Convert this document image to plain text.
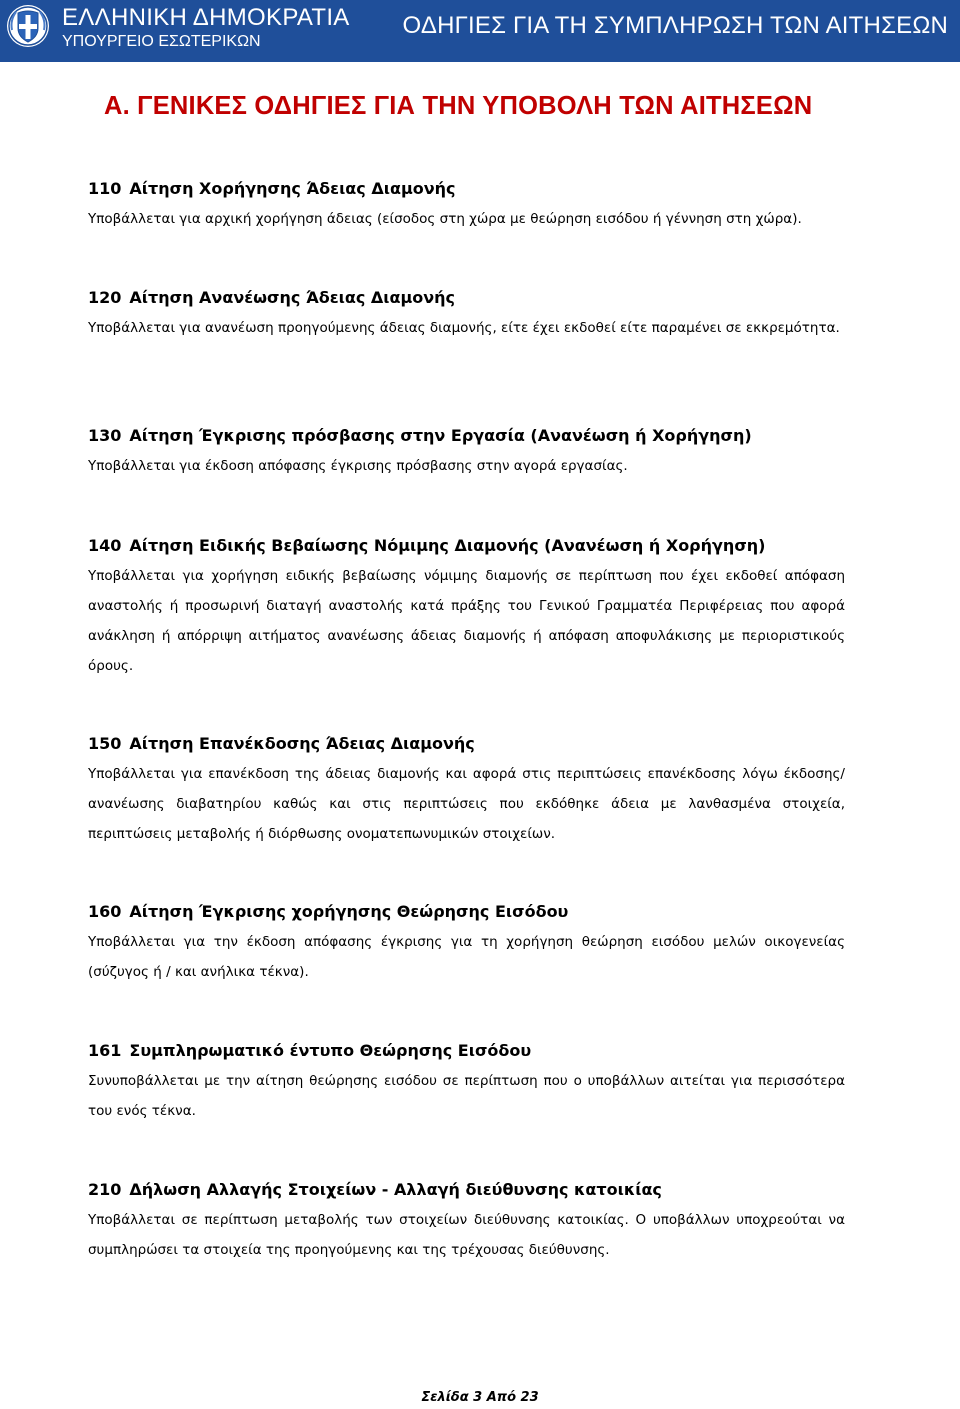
ΕΛΛΗΝΙΚΗ ΔΗΜΟΚΡΑΤΙΑ
ΥΠΟΥΡΓΕΙΟ ΕΣΩΤΕΡΙΚΩΝ
ΟΔΗΓΙΕΣ ΓΙΑ ΤΗ ΣΥΜΠΛΗΡΩΣΗ ΤΩΝ ΑΙΤΗΣΕΩΝ
Α. ΓΕΝΙΚΕΣ ΟΔΗΓΙΕΣ ΓΙΑ ΤΗΝ ΥΠΟΒΟΛΗ ΤΩΝ ΑΙΤΗΣΕΩΝ

110 Αίτηση Χορήγησης Άδειας Διαμονής

Υποβάλλεται για αρχική χορήγηση άδειας (είσοδος στη χώρα με θεώρηση εισόδου ή γέννηση στη χώρα).

120 Αίτηση Ανανέωσης Άδειας Διαμονής

Υποβάλλεται για ανανέωση προηγούμενης άδειας διαμονής, είτε έχει εκδοθεί είτε παραμένει σε εκκρεμότητα.

130 Αίτηση Έγκρισης πρόσβασης στην Εργασία (Ανανέωση ή Χορήγηση)

Υποβάλλεται για έκδοση απόφασης έγκρισης πρόσβασης στην αγορά εργασίας.

140 Αίτηση Ειδικής Βεβαίωσης Νόμιμης Διαμονής (Ανανέωση ή Χορήγηση)

Υποβάλλεται για χορήγηση ειδικής βεβαίωσης νόμιμης διαμονής σε περίπτωση που έχει εκδοθεί απόφαση αναστολής ή προσωρινή διαταγή αναστολής κατά πράξης του Γενικού Γραμματέα Περιφέρειας που αφορά ανάκληση ή απόρριψη αιτήματος ανανέωσης άδειας διαμονής ή απόφαση αποφυλάκισης με περιοριστικούς όρους.

150 Αίτηση Επανέκδοσης Άδειας Διαμονής

Υποβάλλεται για επανέκδοση της άδειας διαμονής και αφορά στις περιπτώσεις επανέκδοσης λόγω έκδοσης/ανανέωσης διαβατηρίου καθώς και στις περιπτώσεις που εκδόθηκε άδεια με λανθασμένα στοιχεία, περιπτώσεις μεταβολής ή διόρθωσης ονοματεπωνυμικών στοιχείων.

160 Αίτηση Έγκρισης χορήγησης Θεώρησης Εισόδου

Υποβάλλεται για την έκδοση απόφασης έγκρισης για τη χορήγηση θεώρηση εισόδου μελών οικογενείας (σύζυγος ή / και ανήλικα τέκνα).

161 Συμπληρωματικό έντυπο Θεώρησης Εισόδου

Συνυποβάλλεται με την αίτηση θεώρησης εισόδου σε περίπτωση που ο υποβάλλων αιτείται για περισσότερα του ενός τέκνα.

210 Δήλωση Αλλαγής Στοιχείων - Αλλαγή διεύθυνσης κατοικίας

Υποβάλλεται σε περίπτωση μεταβολής των στοιχείων διεύθυνσης κατοικίας. Ο υποβάλλων υποχρεούται να συμπληρώσει τα στοιχεία της προηγούμενης και της τρέχουσας διεύθυνσης.

Σελίδα 3 Από 23
